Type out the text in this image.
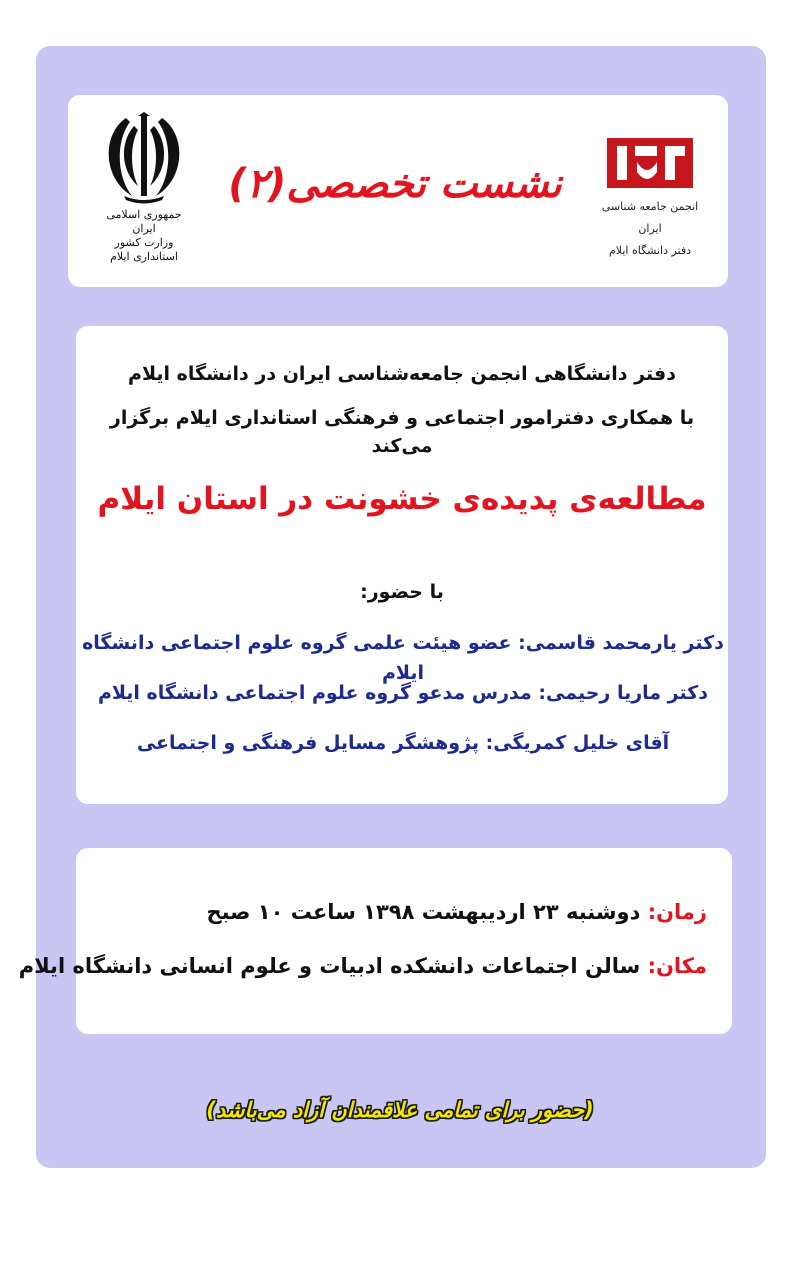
جمهوری اسلامی ایران
وزارت کشور
استانداری ایلام
نشست تخصصی(۲)	انجمن جامعه شناسی ایران
دفتر دانشگاه ایلام
دفتر دانشگاهی انجمن جامعه‌شناسی ایران در دانشگاه ایلام
با همکاری دفترامور اجتماعی و فرهنگی استانداری ایلام برگزار می‌کند
مطالعه‌ی پدیده‌ی خشونت در استان ایلام
با حضور:
دکتر یارمحمد قاسمی: عضو هیئت علمی گروه علوم اجتماعی دانشگاه ایلام
دکتر ماریا رحیمی: مدرس مدعو گروه علوم اجتماعی دانشگاه ایلام
آقای خلیل کمریگی: پژوهشگر مسایل فرهنگی و اجتماعی
زمان: دوشنبه ۲۳ اردیبهشت ۱۳۹۸ ساعت ۱۰ صبح
مکان: سالن اجتماعات دانشکده ادبیات و علوم انسانی دانشگاه ایلام
(حضور برای تمامی علاقمندان آزاد می‌باشد)
